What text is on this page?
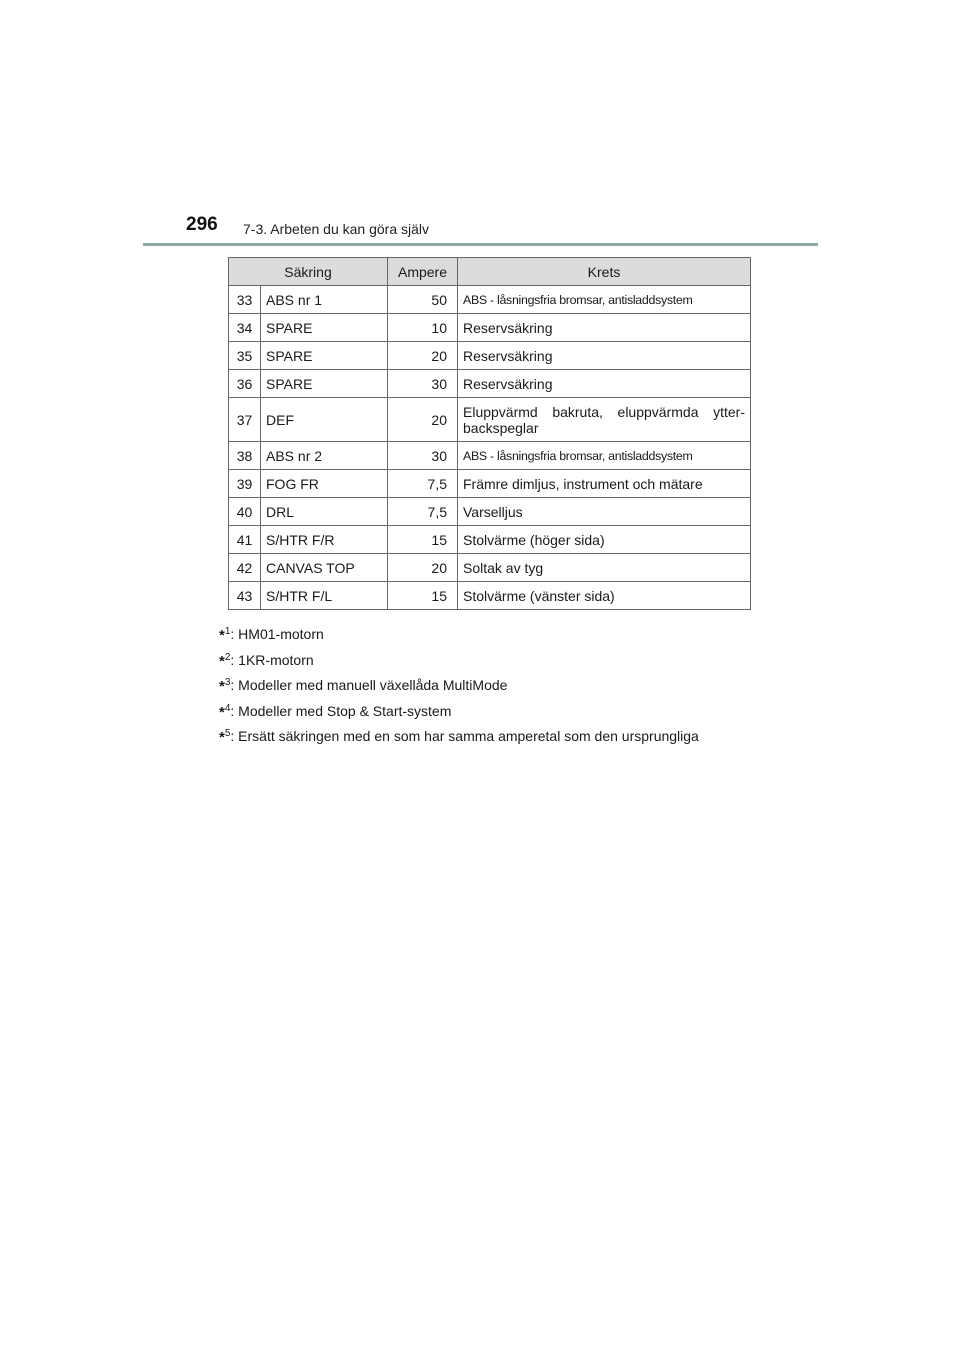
296 7-3. Arbeten du kan göra själv
Säkring		Ampere	Krets
33	ABS nr 1	50	ABS - låsningsfria bromsar, antisladdsystem
34	SPARE	10	Reservsäkring
35	SPARE	20	Reservsäkring
36	SPARE	30	Reservsäkring
37	DEF	20	Eluppvärmd bakruta, eluppvärmda ytter-backspeglar
38	ABS nr 2	30	ABS - låsningsfria bromsar, antisladdsystem
39	FOG FR	7,5	Främre dimljus, instrument och mätare
40	DRL	7,5	Varselljus
41	S/HTR F/R	15	Stolvärme (höger sida)
42	CANVAS TOP	20	Soltak av tyg
43	S/HTR F/L	15	Stolvärme (vänster sida)
*$^1$: HM01-motorn
*$^2$: 1KR-motorn
*$^3$: Modeller med manuell växellåda MultiMode
*$^4$: Modeller med Stop & Start-system
*$^5$: Ersätt säkringen med en som har samma amperetal som den ursprungliga
